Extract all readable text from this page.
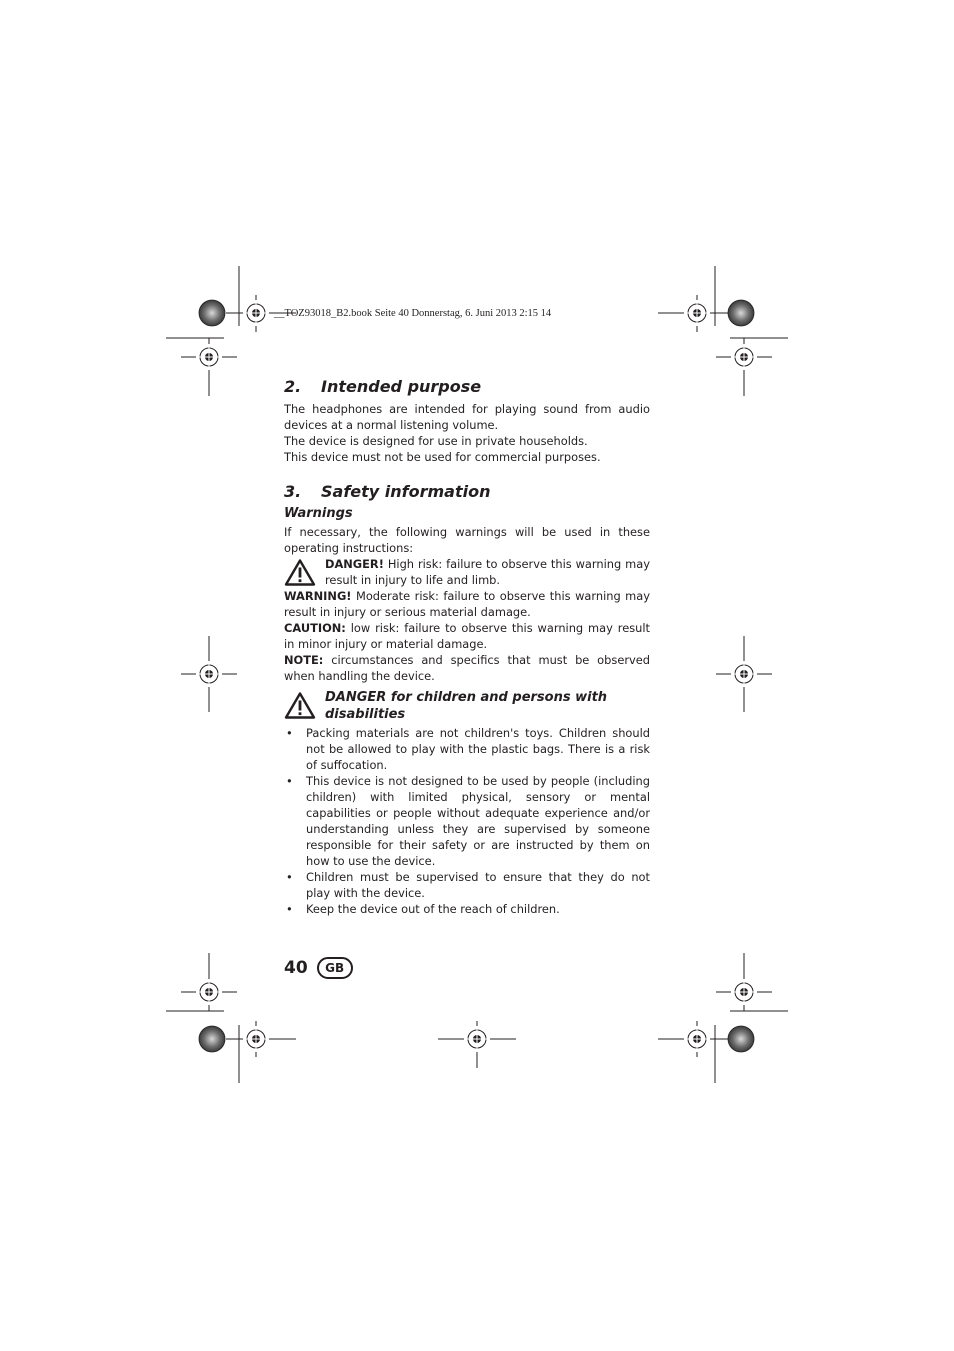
__TOZ93018_B2.book Seite 40 Donnerstag, 6. Juni 2013 2:15 14
2.	Intended purpose

The headphones are intended for playing sound from audio devices at a normal listening volume.

The device is designed for use in private households.

This device must not be used for commercial purposes.

3.	Safety information
Warnings

If necessary, the following warnings will be used in these operating instructions:

DANGER! High risk: failure to observe this warning may result in injury to life and limb.

WARNING! Moderate risk: failure to observe this warning may result in injury or serious material damage.

CAUTION: low risk: failure to observe this warning may result in minor injury or material damage.

NOTE: circumstances and specifics that must be observed when handling the device.

DANGER for children and persons with disabilities
• Packing materials are not children's toys. Children should not be allowed to play with the plastic bags. There is a risk of suffocation.
• This device is not designed to be used by people (including children) with limited physical, sensory or mental capabilities or people without adequate experience and/or understanding unless they are supervised by someone responsible for their safety or are instructed by them on how to use the device.
• Children must be supervised to ensure that they do not play with the device.
• Keep the device out of the reach of children.
40	GB
